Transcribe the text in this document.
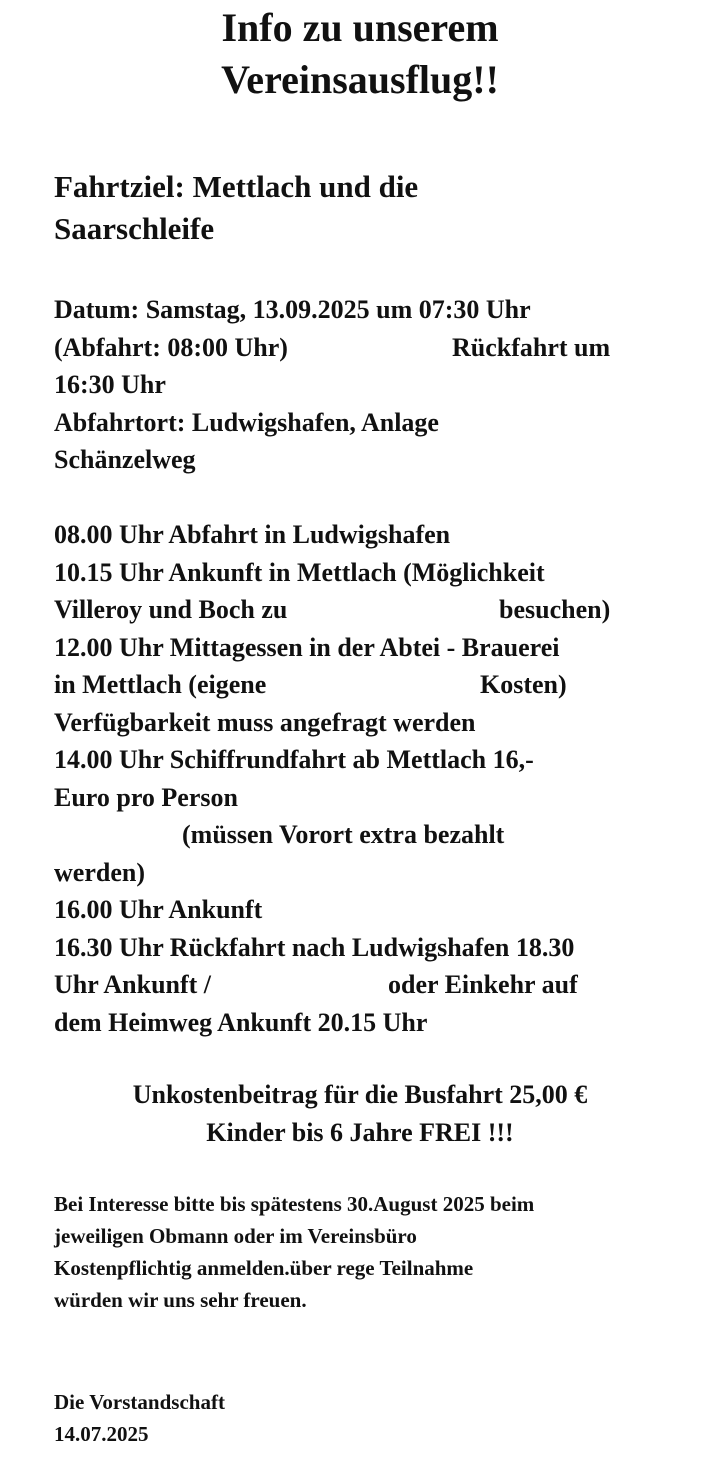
Info zu unserem
Vereinsausflug!!
Fahrtziel: Mettlach und die
Saarschleife
Datum: Samstag, 13.09.2025 um 07:30 Uhr
(Abfahrt: 08:00 Uhr)	Rückfahrt um
16:30 Uhr
Abfahrtort: Ludwigshafen, Anlage
Schänzelweg
08.00 Uhr Abfahrt in Ludwigshafen
10.15 Uhr Ankunft in Mettlach (Möglichkeit
Villeroy und Boch zu	besuchen)
12.00 Uhr Mittagessen in der Abtei - Brauerei
in Mettlach (eigene	Kosten)
Verfügbarkeit muss angefragt werden
14.00 Uhr Schiffrundfahrt ab Mettlach 16,-
Euro pro Person
(müssen Vorort extra bezahlt
werden)
16.00 Uhr Ankunft
16.30 Uhr Rückfahrt nach Ludwigshafen 18.30
Uhr Ankunft /	oder Einkehr auf
dem Heimweg Ankunft 20.15 Uhr
Unkostenbeitrag für die Busfahrt 25,00 €
Kinder bis 6 Jahre FREI !!!
Bei Interesse bitte bis spätestens 30.August 2025 beim
jeweiligen Obmann oder im Vereinsbüro
Kostenpflichtig anmelden.über rege Teilnahme
würden wir uns sehr freuen.
Die Vorstandschaft
14.07.2025
